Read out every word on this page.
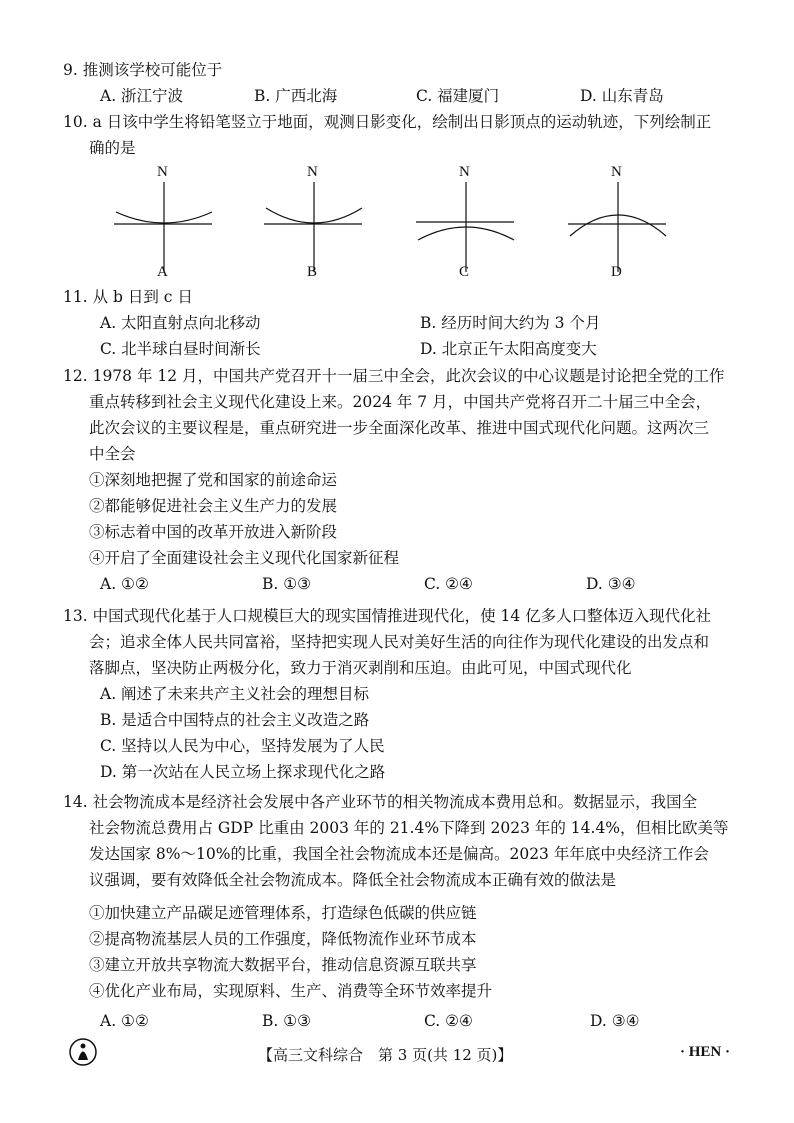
9. 推测该学校可能位于
A. 浙江宁波	B. 广西北海	C. 福建厦门	D. 山东青岛
10. a 日该中学生将铅笔竖立于地面，观测日影变化，绘制出日影顶点的运动轨迹，下列绘制正
确的是
N
A
N
B
N
C
N
D
11. 从 b 日到 c 日
A. 太阳直射点向北移动	B. 经历时间大约为 3 个月
C. 北半球白昼时间渐长	D. 北京正午太阳高度变大
12. 1978 年 12 月，中国共产党召开十一届三中全会，此次会议的中心议题是讨论把全党的工作
重点转移到社会主义现代化建设上来。2024 年 7 月，中国共产党将召开二十届三中全会，
此次会议的主要议程是，重点研究进一步全面深化改革、推进中国式现代化问题。这两次三
中全会
①深刻地把握了党和国家的前途命运
②都能够促进社会主义生产力的发展
③标志着中国的改革开放进入新阶段
④开启了全面建设社会主义现代化国家新征程
A. ①②	B. ①③	C. ②④	D. ③④
13. 中国式现代化基于人口规模巨大的现实国情推进现代化，使 14 亿多人口整体迈入现代化社
会；追求全体人民共同富裕，坚持把实现人民对美好生活的向往作为现代化建设的出发点和
落脚点，坚决防止两极分化，致力于消灭剥削和压迫。由此可见，中国式现代化
A. 阐述了未来共产主义社会的理想目标
B. 是适合中国特点的社会主义改造之路
C. 坚持以人民为中心，坚持发展为了人民
D. 第一次站在人民立场上探求现代化之路
14. 社会物流成本是经济社会发展中各产业环节的相关物流成本费用总和。数据显示，我国全
社会物流总费用占 GDP 比重由 2003 年的 21.4%下降到 2023 年的 14.4%，但相比欧美等
发达国家 8%～10%的比重，我国全社会物流成本还是偏高。2023 年年底中央经济工作会
议强调，要有效降低全社会物流成本。降低全社会物流成本正确有效的做法是
①加快建立产品碳足迹管理体系，打造绿色低碳的供应链
②提高物流基层人员的工作强度，降低物流作业环节成本
③建立开放共享物流大数据平台，推动信息资源互联共享
④优化产业布局，实现原料、生产、消费等全环节效率提升
A. ①②	B. ①③	C. ②④	D. ③④
【高三文科综合　第 3 页(共 12 页)】	· HEN ·
